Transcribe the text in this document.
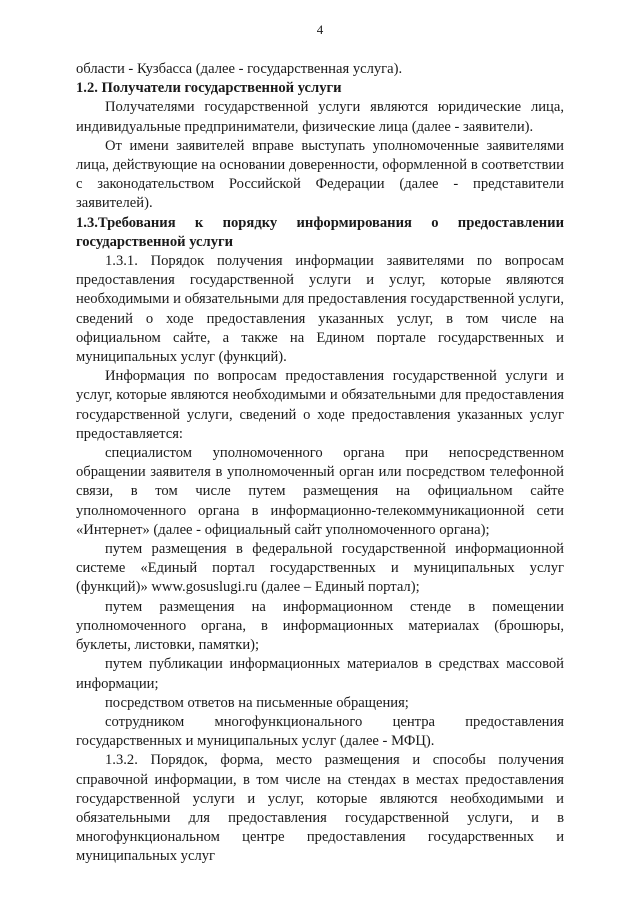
4

области - Кузбасса (далее - государственная услуга).

1.2. Получатели государственной услуги

Получателями государственной услуги являются юридические лица, индивидуальные предприниматели, физические лица (далее - заявители).

От имени заявителей вправе выступать уполномоченные заявителями лица, действующие на основании доверенности, оформленной в соответствии с законодательством Российской Федерации (далее - представители заявителей).

1.3.Требования к порядку информирования о предоставлении государственной услуги

1.3.1. Порядок получения информации заявителями по вопросам предоставления государственной услуги и услуг, которые являются необходимыми и обязательными для предоставления государственной услуги, сведений о ходе предоставления указанных услуг, в том числе на официальном сайте, а также на Едином портале государственных и муниципальных услуг (функций).

Информация по вопросам предоставления государственной услуги и услуг, которые являются необходимыми и обязательными для предоставления государственной услуги, сведений о ходе предоставления указанных услуг предоставляется:

специалистом уполномоченного органа при непосредственном обращении заявителя в уполномоченный орган или посредством телефонной связи, в том числе путем размещения на официальном сайте уполномоченного органа в информационно-телекоммуникационной сети «Интернет» (далее - официальный сайт уполномоченного органа);

путем размещения в федеральной государственной информационной системе «Единый портал государственных и муниципальных услуг (функций)» www.gosuslugi.ru (далее – Единый портал);

путем размещения на информационном стенде в помещении уполномоченного органа, в информационных материалах (брошюры, буклеты, листовки, памятки);

путем публикации информационных материалов в средствах массовой информации;

посредством ответов на письменные обращения;

сотрудником многофункционального центра предоставления государственных и муниципальных услуг (далее - МФЦ).

1.3.2. Порядок, форма, место размещения и способы получения справочной информации, в том числе на стендах в местах предоставления государственной услуги и услуг, которые являются необходимыми и обязательными для предоставления государственной услуги, и в многофункциональном центре предоставления государственных и муниципальных услуг
